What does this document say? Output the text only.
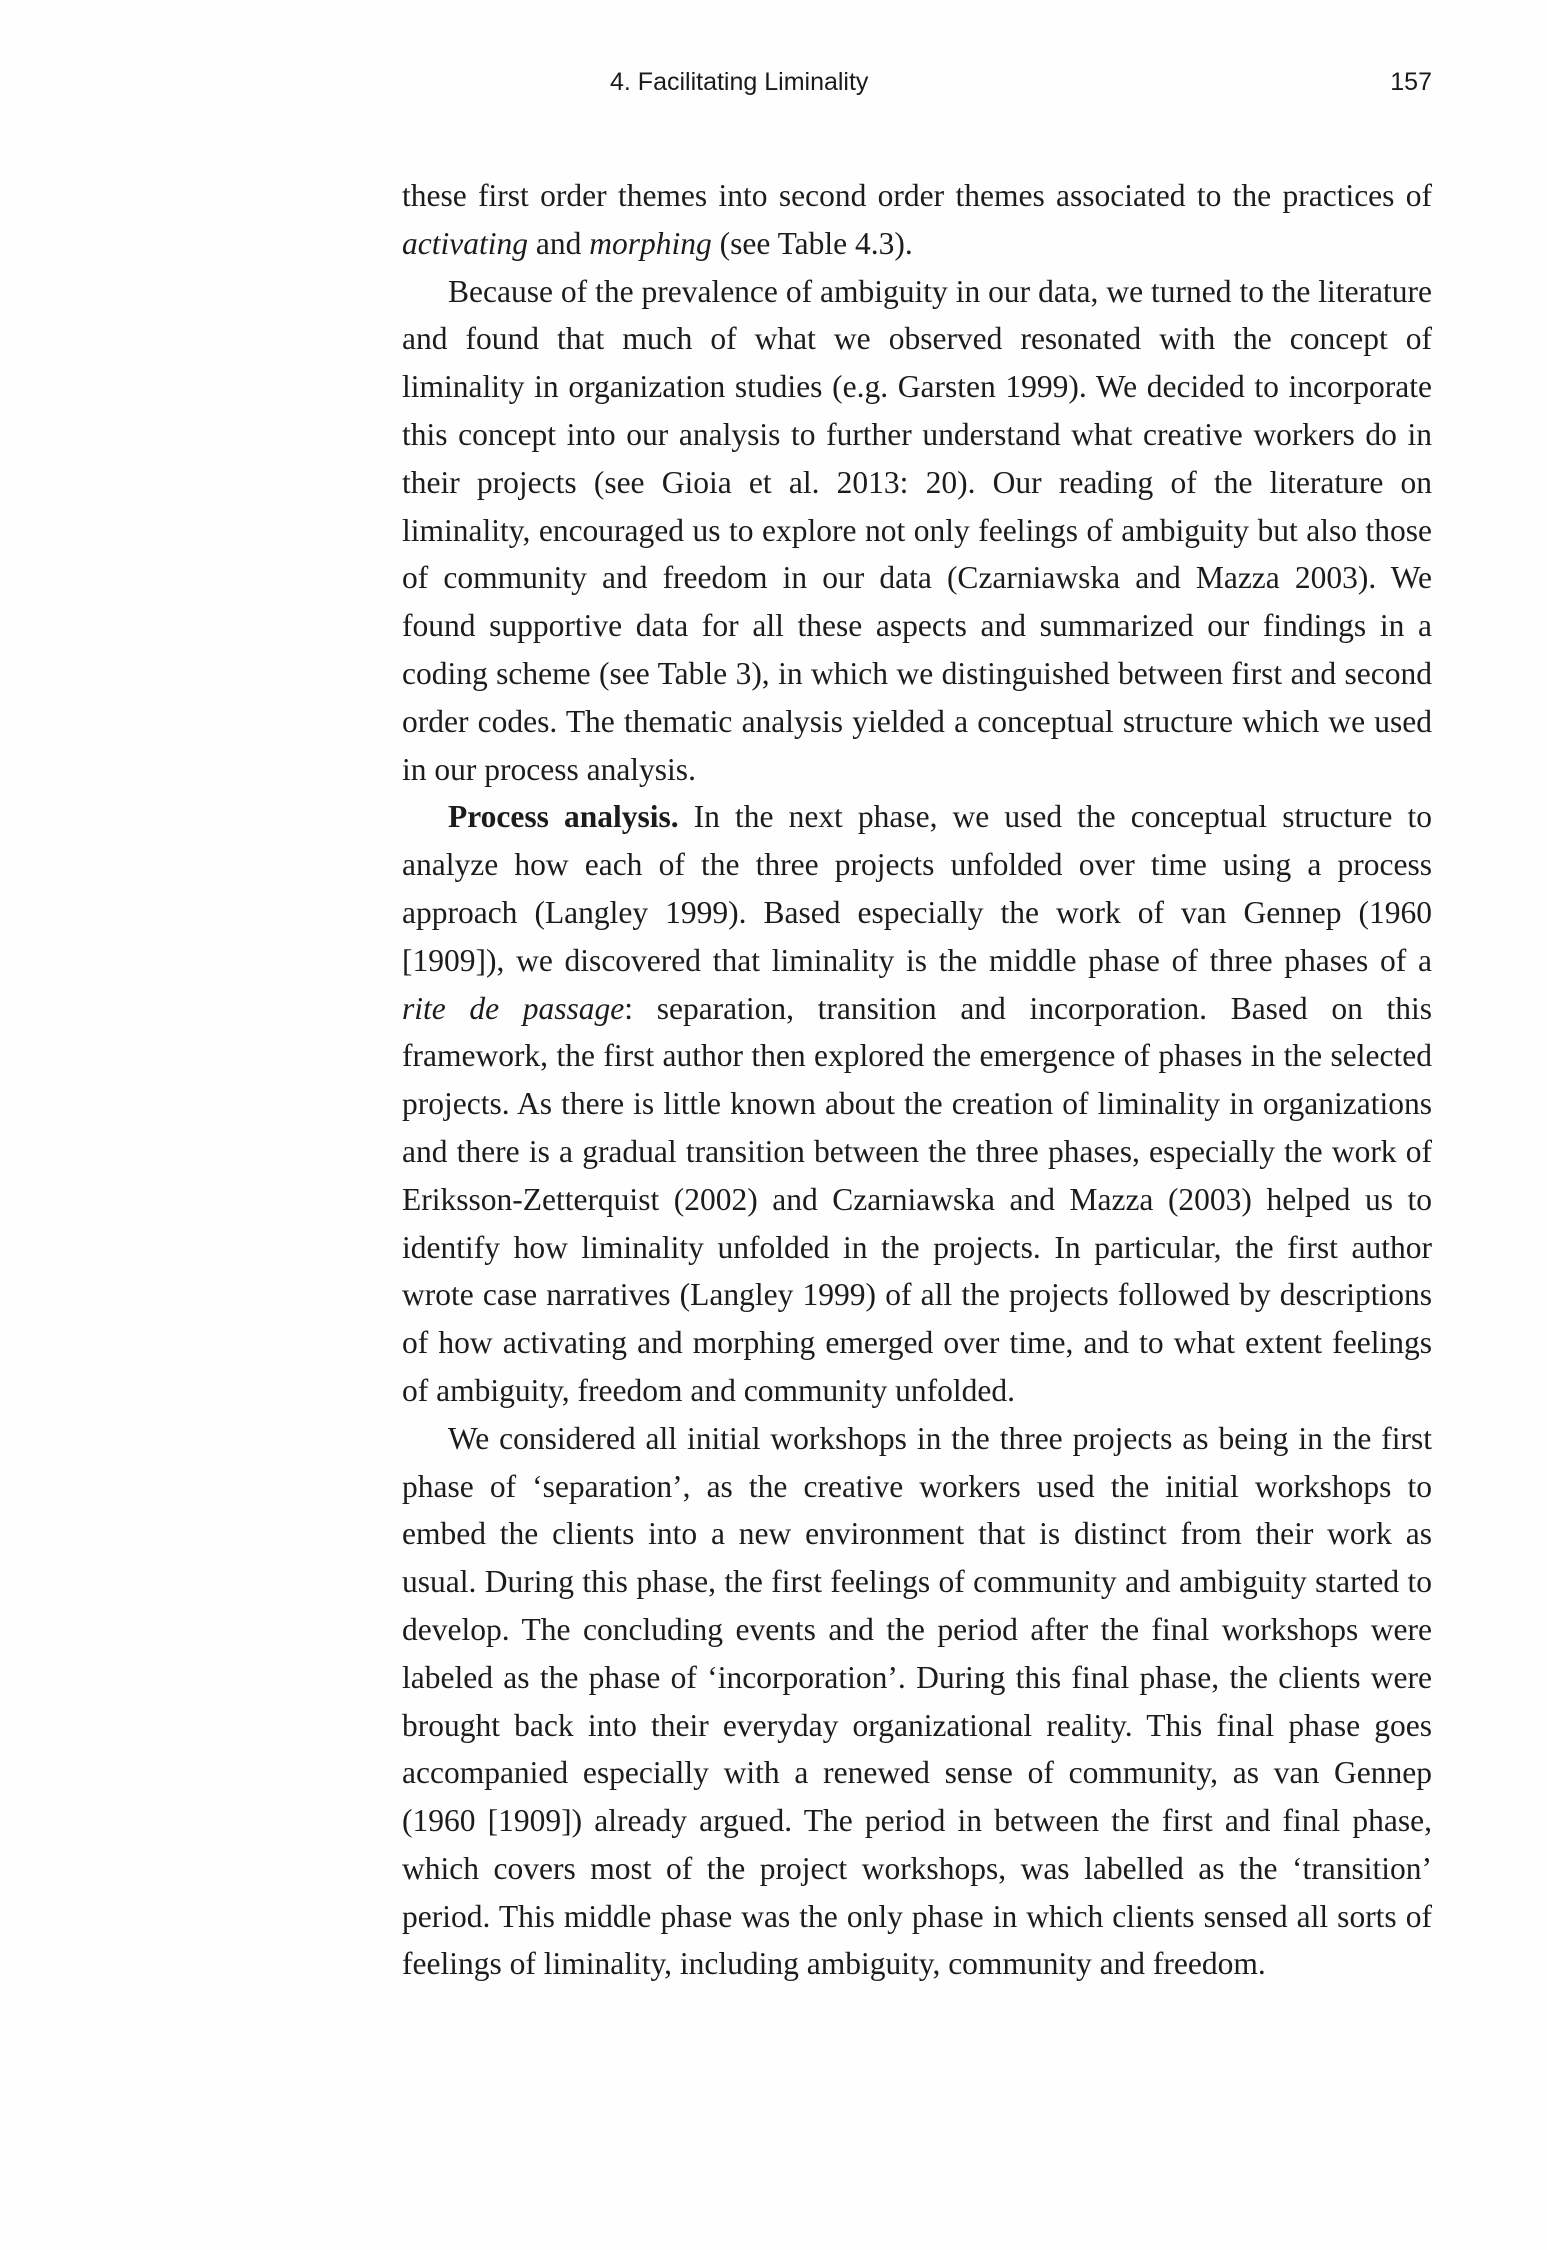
4. Facilitating Liminality	157

these first order themes into second order themes associated to the practices of activating and morphing (see Table 4.3).

Because of the prevalence of ambiguity in our data, we turned to the literature and found that much of what we observed resonated with the concept of liminality in organization studies (e.g. Garsten 1999). We decided to incorporate this concept into our analysis to further understand what creative workers do in their projects (see Gioia et al. 2013: 20). Our reading of the literature on liminality, encouraged us to explore not only feelings of ambiguity but also those of community and freedom in our data (Czarniawska and Mazza 2003). We found supportive data for all these aspects and summarized our findings in a coding scheme (see Table 3), in which we distinguished between first and second order codes. The thematic analysis yielded a conceptual structure which we used in our process analysis.

Process analysis. In the next phase, we used the conceptual structure to analyze how each of the three projects unfolded over time using a process approach (Langley 1999). Based especially the work of van Gennep (1960 [1909]), we discovered that liminality is the middle phase of three phases of a rite de passage: separation, transition and incorporation. Based on this framework, the first author then explored the emergence of phases in the selected projects. As there is little known about the creation of liminality in organizations and there is a gradual transition between the three phases, especially the work of Eriksson-Zetterquist (2002) and Czarniawska and Mazza (2003) helped us to identify how liminality unfolded in the projects. In particular, the first author wrote case narratives (Langley 1999) of all the projects followed by descriptions of how activating and morphing emerged over time, and to what extent feelings of ambiguity, freedom and community unfolded.

We considered all initial workshops in the three projects as being in the first phase of ‘separation’, as the creative workers used the initial workshops to embed the clients into a new environment that is distinct from their work as usual. During this phase, the first feelings of community and ambiguity started to develop. The concluding events and the period after the final workshops were labeled as the phase of ‘incorporation’. During this final phase, the clients were brought back into their everyday organizational reality. This final phase goes accompanied especially with a renewed sense of community, as van Gennep (1960 [1909]) already argued. The period in between the first and final phase, which covers most of the project workshops, was labelled as the ‘transition’ period. This middle phase was the only phase in which clients sensed all sorts of feelings of liminality, including ambiguity, community and freedom.
